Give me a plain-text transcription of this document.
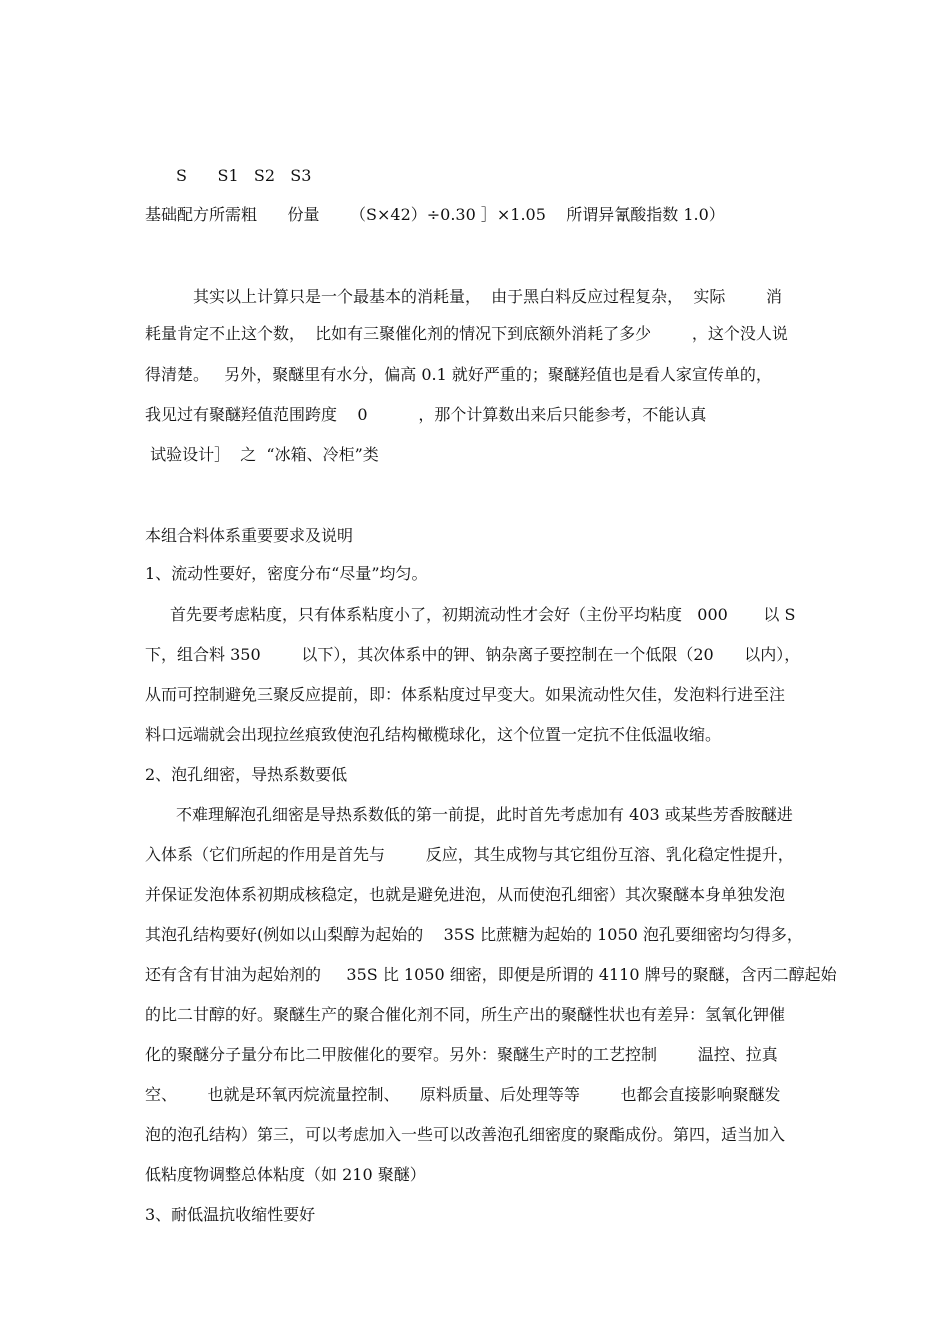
S      S1   S2   S3
基础配方所需粗      份量      （S×42）÷0.30 ］×1.05    所谓异氰酸指数 1.0）
其实以上计算只是一个最基本的消耗量，  由于黑白料反应过程复杂，  实际        消
耗量肯定不止这个数，  比如有三聚催化剂的情况下到底额外消耗了多少        ，这个没人说
得清楚。   另外，聚醚里有水分，偏高 0.1 就好严重的；聚醚羟值也是看人家宣传单的，
我见过有聚醚羟值范围跨度    0          ，那个计算数出来后只能参考，不能认真
试验设计］  之  “冰箱、冷柜”类
本组合料体系重要要求及说明
1、流动性要好，密度分布“尽量”均匀。
首先要考虑粘度，只有体系粘度小了，初期流动性才会好（主份平均粘度   000       以 S
下，组合料 350        以下），其次体系中的钾、钠杂离子要控制在一个低限（20      以内），
从而可控制避免三聚反应提前，即：体系粘度过早变大。如果流动性欠佳，发泡料行进至注
料口远端就会出现拉丝痕致使泡孔结构橄榄球化，这个位置一定抗不住低温收缩。
2、泡孔细密，导热系数要低
不难理解泡孔细密是导热系数低的第一前提，此时首先考虑加有 403 或某些芳香胺醚进
入体系（它们所起的作用是首先与        反应，其生成物与其它组份互溶、乳化稳定性提升，
并保证发泡体系初期成核稳定，也就是避免进泡，从而使泡孔细密）其次聚醚本身单独发泡
其泡孔结构要好(例如以山梨醇为起始的    35S 比蔗糖为起始的 1050 泡孔要细密均匀得多，
还有含有甘油为起始剂的     35S 比 1050 细密，即便是所谓的 4110 牌号的聚醚，含丙二醇起始
的比二甘醇的好。聚醚生产的聚合催化剂不同，所生产出的聚醚性状也有差异：氢氧化钾催
化的聚醚分子量分布比二甲胺催化的要窄。另外：聚醚生产时的工艺控制        温控、拉真
空、      也就是环氧丙烷流量控制、    原料质量、后处理等等        也都会直接影响聚醚发
泡的泡孔结构）第三，可以考虑加入一些可以改善泡孔细密度的聚酯成份。第四，适当加入
低粘度物调整总体粘度（如 210 聚醚）
3、耐低温抗收缩性要好
